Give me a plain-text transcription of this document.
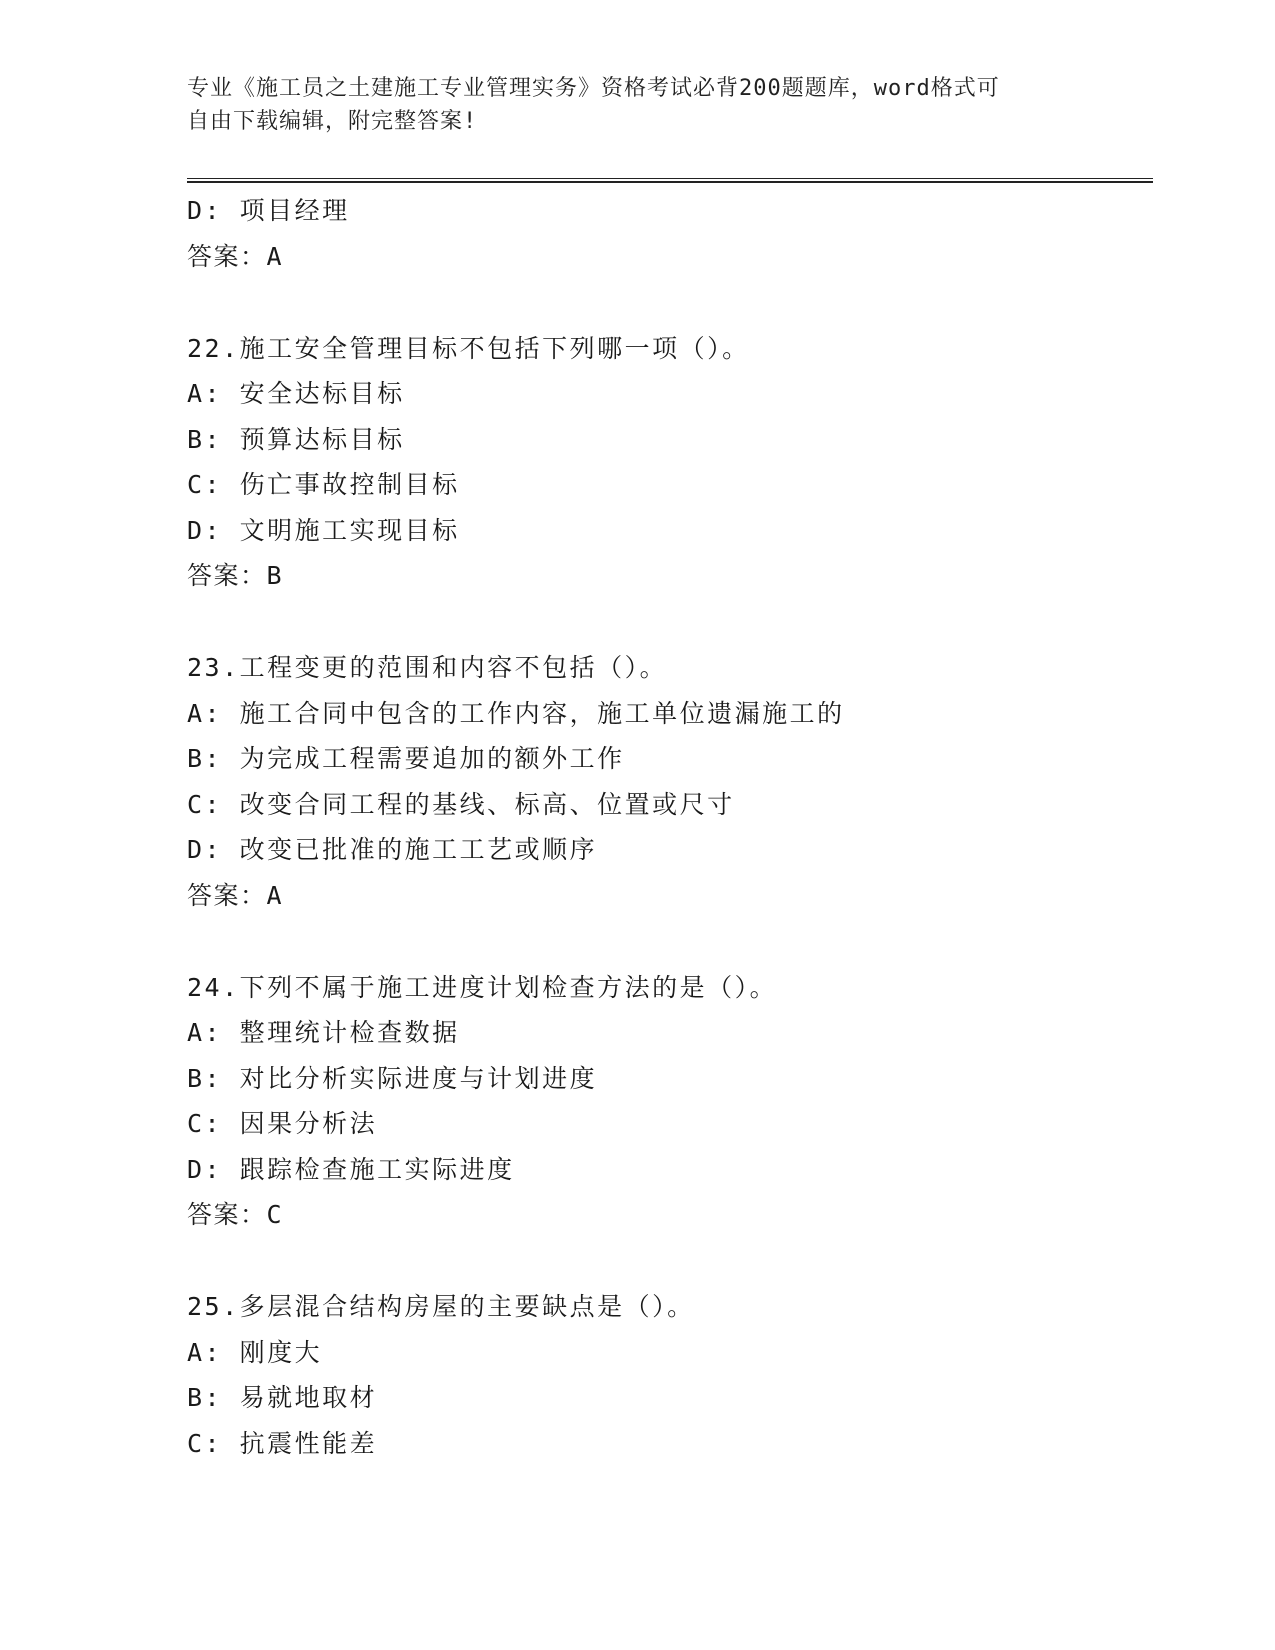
专业《施工员之土建施工专业管理实务》资格考试必背200题题库，word格式可
自由下载编辑，附完整答案!
D: 项目经理
答案：A
22.施工安全管理目标不包括下列哪一项（）。
A: 安全达标目标
B: 预算达标目标
C: 伤亡事故控制目标
D: 文明施工实现目标
答案：B
23.工程变更的范围和内容不包括（）。
A: 施工合同中包含的工作内容，施工单位遗漏施工的
B: 为完成工程需要追加的额外工作
C: 改变合同工程的基线、标高、位置或尺寸
D: 改变已批准的施工工艺或顺序
答案：A
24.下列不属于施工进度计划检查方法的是（）。
A: 整理统计检查数据
B: 对比分析实际进度与计划进度
C: 因果分析法
D: 跟踪检查施工实际进度
答案：C
25.多层混合结构房屋的主要缺点是（）。
A: 刚度大
B: 易就地取材
C: 抗震性能差
